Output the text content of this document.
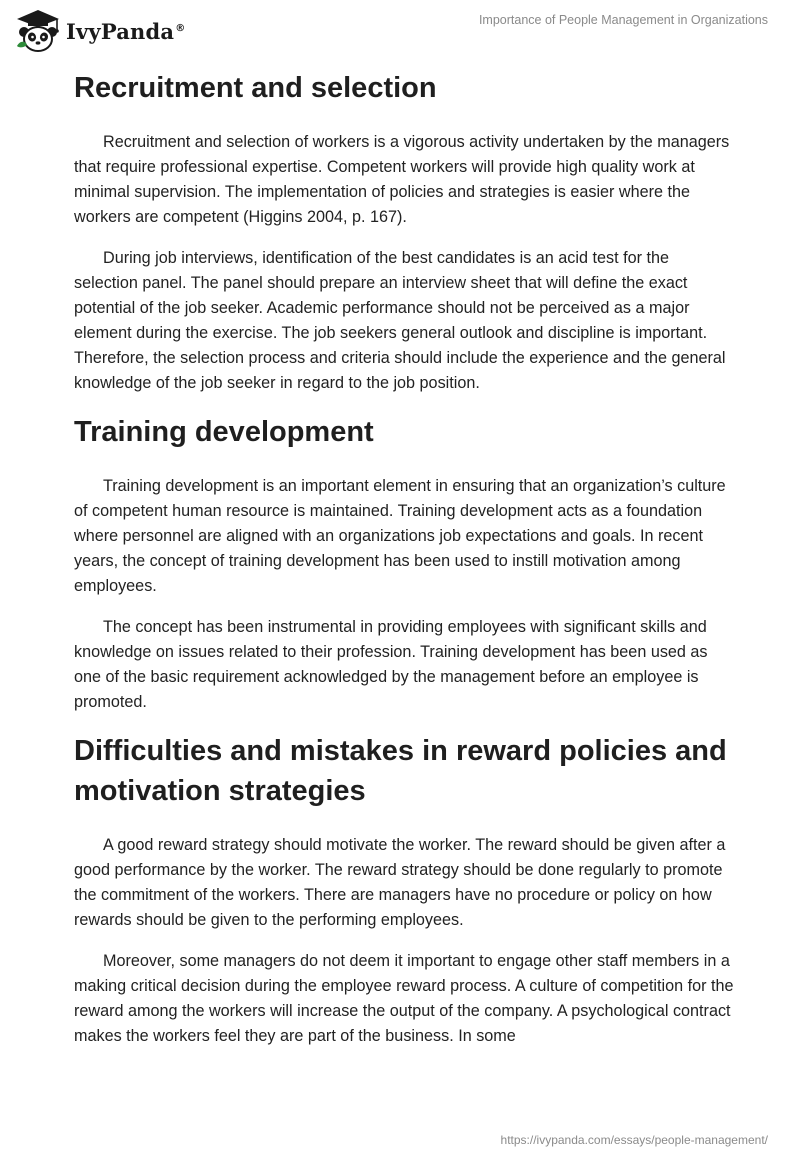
IvyPanda®
Importance of People Management in Organizations
Recruitment and selection

Recruitment and selection of workers is a vigorous activity undertaken by the managers that require professional expertise. Competent workers will provide high quality work at minimal supervision. The implementation of policies and strategies is easier where the workers are competent (Higgins 2004, p. 167).

During job interviews, identification of the best candidates is an acid test for the selection panel. The panel should prepare an interview sheet that will define the exact potential of the job seeker. Academic performance should not be perceived as a major element during the exercise. The job seekers general outlook and discipline is important. Therefore, the selection process and criteria should include the experience and the general knowledge of the job seeker in regard to the job position.

Training development

Training development is an important element in ensuring that an organization’s culture of competent human resource is maintained. Training development acts as a foundation where personnel are aligned with an organizations job expectations and goals. In recent years, the concept of training development has been used to instill motivation among employees.

The concept has been instrumental in providing employees with significant skills and knowledge on issues related to their profession. Training development has been used as one of the basic requirement acknowledged by the management before an employee is promoted.

Difficulties and mistakes in reward policies and motivation strategies

A good reward strategy should motivate the worker. The reward should be given after a good performance by the worker. The reward strategy should be done regularly to promote the commitment of the workers. There are managers have no procedure or policy on how rewards should be given to the performing employees.

Moreover, some managers do not deem it important to engage other staff members in a making critical decision during the employee reward process. A culture of competition for the reward among the workers will increase the output of the company. A psychological contract makes the workers feel they are part of the business. In some

https://ivypanda.com/essays/people-management/
